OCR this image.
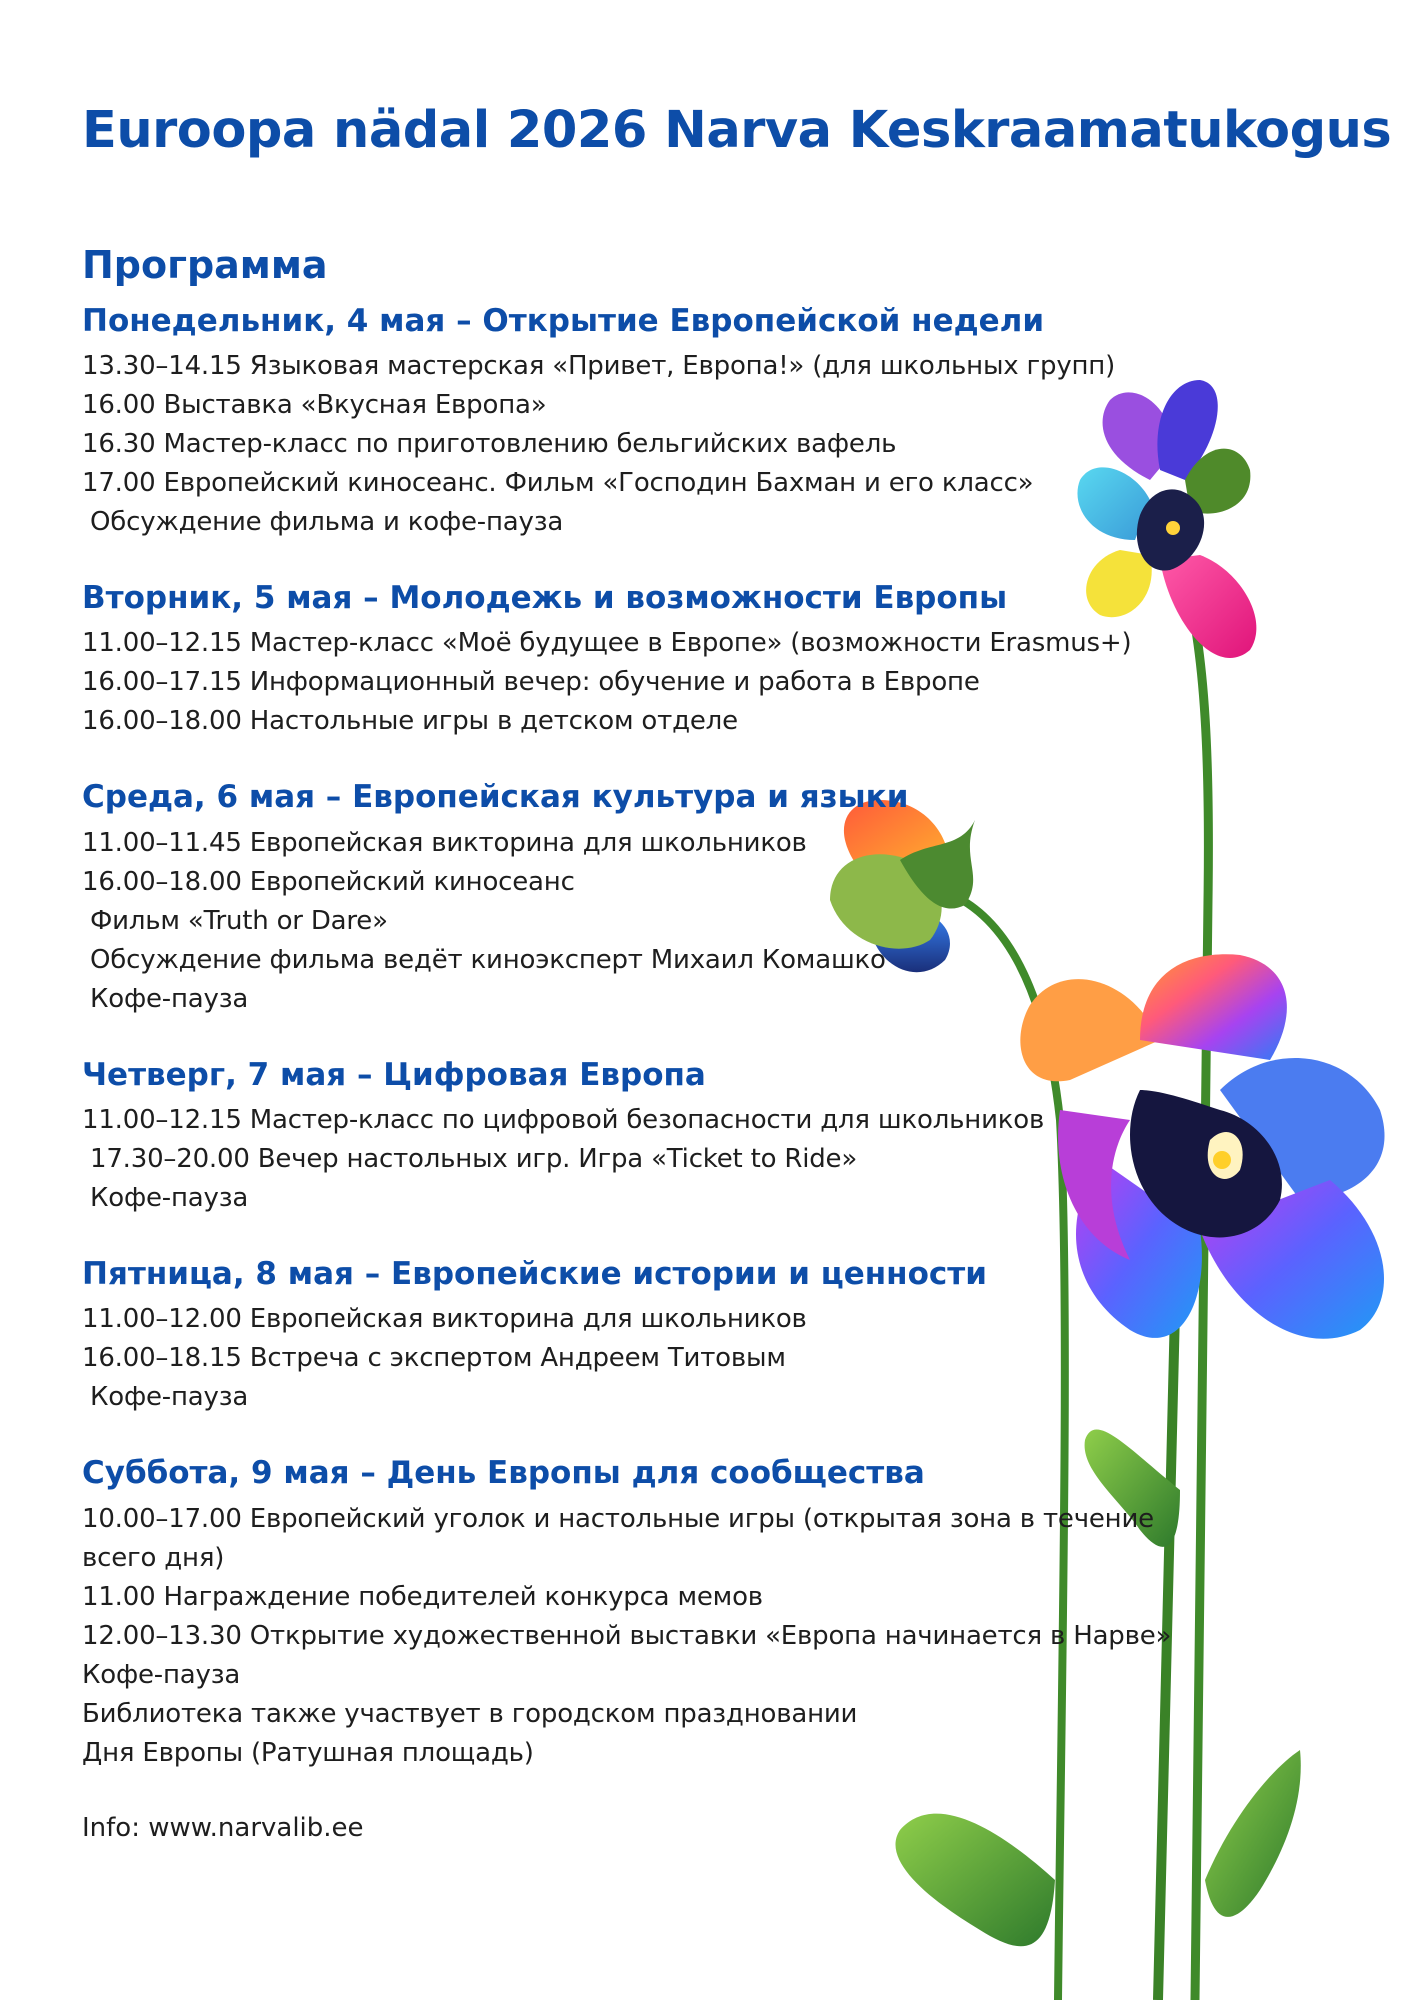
Euroopa nädal 2026 Narva Keskraamatukogus
Программа
Понедельник, 4 мая – Открытие Европейской недели
13.30–14.15 Языковая мастерская «Привет, Европа!» (для школьных групп)
16.00 Выставка «Вкусная Европа»
16.30 Мастер-класс по приготовлению бельгийских вафель
17.00 Европейский киносеанс. Фильм «Господин Бахман и его класс»
Обсуждение фильма и кофе-пауза
Вторник, 5 мая – Молодежь и возможности Европы
11.00–12.15 Мастер-класс «Моё будущее в Европе» (возможности Erasmus+)
16.00–17.15 Информационный вечер: обучение и работа в Европе
16.00–18.00 Настольные игры в детском отделе
Среда, 6 мая – Европейская культура и языки
11.00–11.45 Европейская викторина для школьников
16.00–18.00 Европейский киносеанс
Фильм «Truth or Dare»
Обсуждение фильма ведёт киноэксперт Михаил Комашко
Кофе-пауза
Четверг, 7 мая – Цифровая Европа
11.00–12.15 Мастер-класс по цифровой безопасности для школьников
17.30–20.00 Вечер настольных игр. Игра «Ticket to Ride»
Кофе-пауза
Пятница, 8 мая – Европейские истории и ценности
11.00–12.00 Европейская викторина для школьников
16.00–18.15 Встреча с экспертом Андреем Титовым
Кофе-пауза
Суббота, 9 мая – День Европы для сообщества
10.00–17.00 Европейский уголок и настольные игры (открытая зона в течение всего дня)
11.00 Награждение победителей конкурса мемов
12.00–13.30 Открытие художественной выставки «Европа начинается в Нарве»
Кофе-пауза
Библиотека также участвует в городском праздновании
Дня Европы (Ратушная площадь)
Info: www.narvalib.ee
